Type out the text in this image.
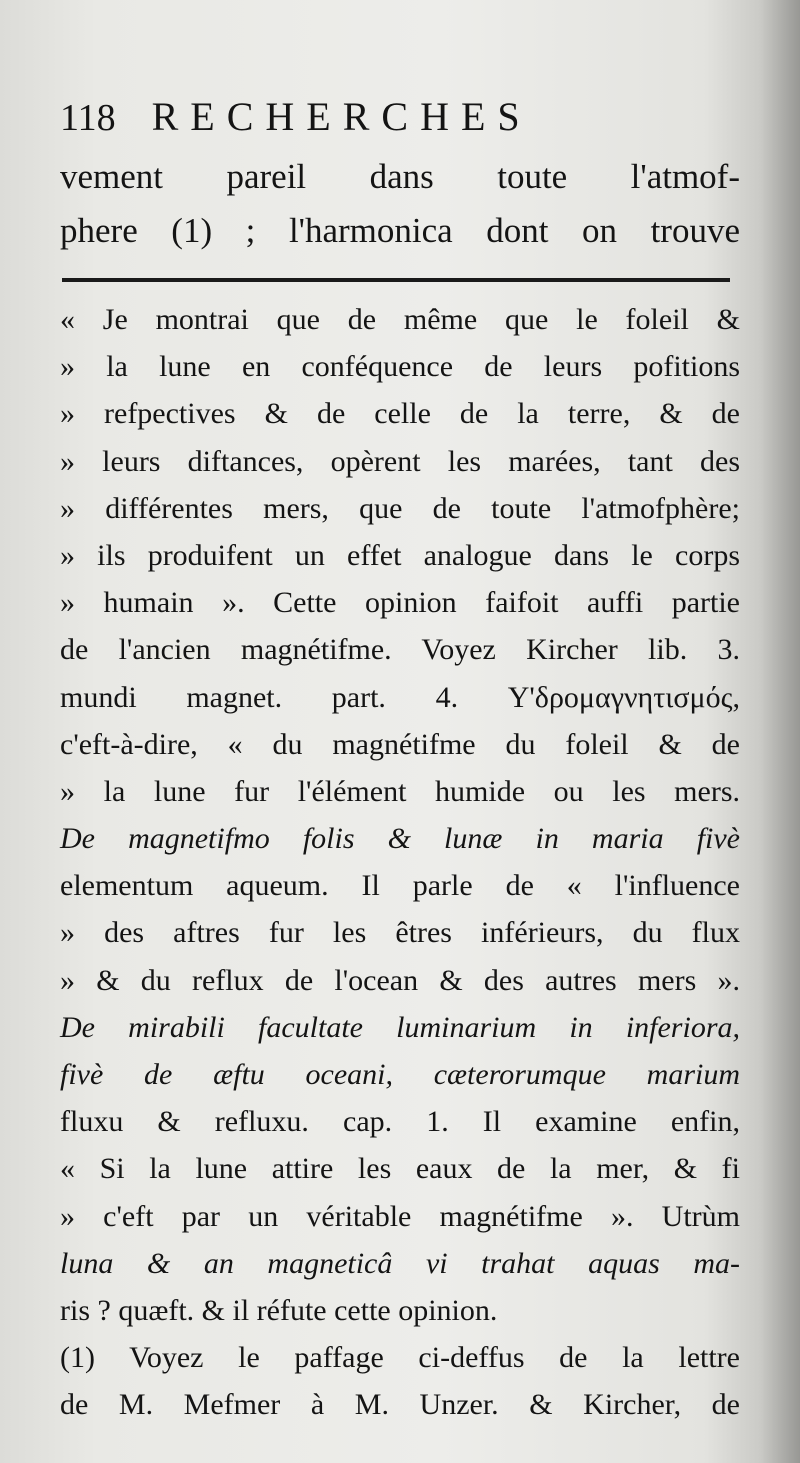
118 RECHERCHES
vement pareil dans toute l'atmof-
phere (1) ; l'harmonica dont on trouve
« Je montrai que de même que le foleil &
» la lune en conféquence de leurs pofitions
» refpectives & de celle de la terre, & de
» leurs diftances, opèrent les marées, tant des
» différentes mers, que de toute l'atmofphère;
» ils produifent un effet analogue dans le corps
» humain ». Cette opinion faifoit auffi partie
de l'ancien magnétifme. Voyez Kircher lib. 3.
mundi magnet. part. 4. Υ'δρομαγνητισμός,
c'eft-à-dire, « du magnétifme du foleil & de
» la lune fur l'élément humide ou les mers.
De magnetifmo folis & lunæ in maria fivè
elementum aqueum. Il parle de « l'influence
» des aftres fur les êtres inférieurs, du flux
» & du reflux de l'ocean & des autres mers ».
De mirabili facultate luminarium in inferiora,
fivè de æftu oceani, cæterorumque marium
fluxu & refluxu. cap. 1. Il examine enfin,
« Si la lune attire les eaux de la mer, & fi
» c'eft par un véritable magnétifme ». Utrùm
luna & an magneticâ vi trahat aquas ma-
ris ? quæft. & il réfute cette opinion.
(1) Voyez le paffage ci-deffus de la lettre
de M. Mefmer à M. Unzer. & Kircher, de
